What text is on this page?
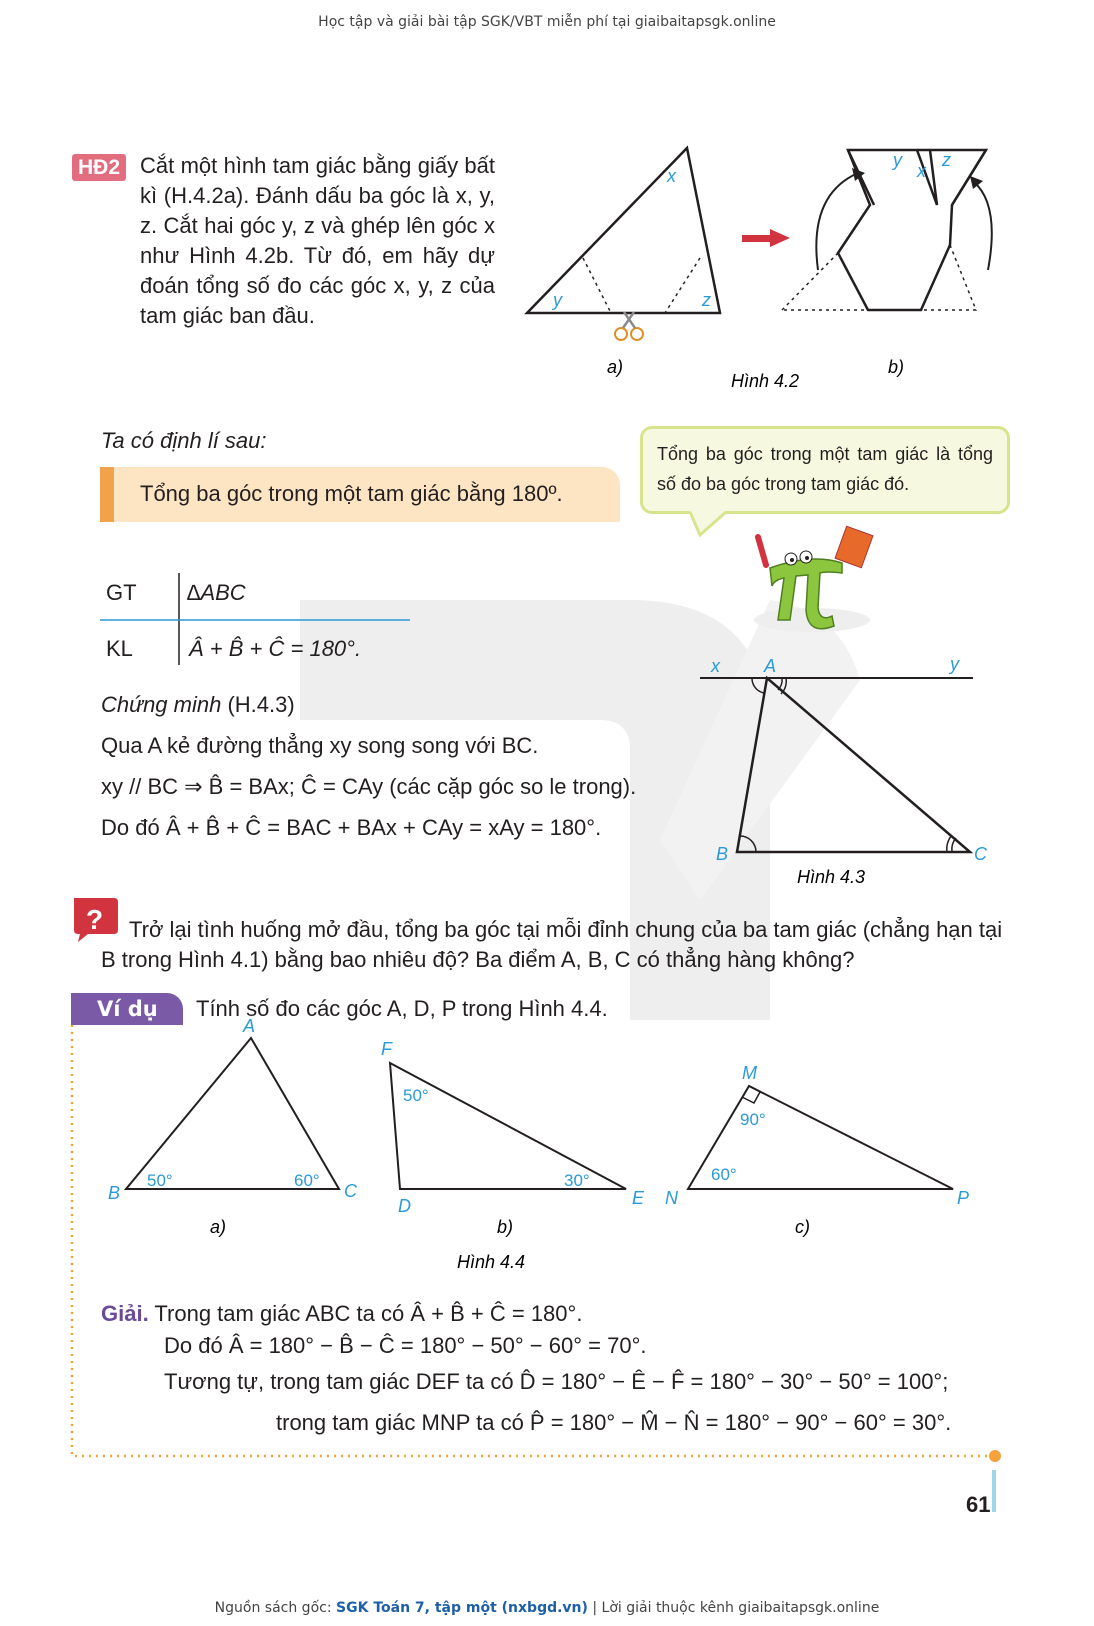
Học tập và giải bài tập SGK/VBT miễn phí tại giaibaitapsgk.online
HĐ2 Cắt một hình tam giác bằng giấy bất kì (H.4.2a). Đánh dấu ba góc là x, y, z. Cắt hai góc y, z và ghép lên góc x như Hình 4.2b. Từ đó, em hãy dự đoán tổng số đo các góc x, y, z của tam giác ban đầu.
x
y	z
a)
y
x
z
b)
Hình 4.2
x A	y
B	C
Hình 4.3
A
B	C
50°	60°
a)
F
D	E
50°
30°
b)
M
N	P
90°
60°
c)
Hình 4.4
?
Ta có định lí sau:
Tổng ba góc trong một tam giác bằng 180º.
Tổng ba góc trong một tam giác là tổng số đo ba góc trong tam giác đó.
GT ∆ABC
KL	Â + B̂ + Ĉ = 180°.
Chứng minh (H.4.3)
Qua A kẻ đường thẳng xy song song với BC.
xy // BC ⇒ B̂ = BAx; Ĉ = CAy (các cặp góc so le trong).
Do đó Â + B̂ + Ĉ = BAC + BAx + CAy = xAy = 180°.
Trở lại tình huống mở đầu, tổng ba góc tại mỗi đỉnh chung của ba tam giác (chẳng hạn tại B trong Hình 4.1) bằng bao nhiêu độ? Ba điểm A, B, C có thẳng hàng không?
Ví dụ	Tính số đo các góc A, D, P trong Hình 4.4.
Giải. Trong tam giác ABC ta có Â + B̂ + Ĉ = 180°.
Do đó Â = 180° − B̂ − Ĉ = 180° − 50° − 60° = 70°.
Tương tự, trong tam giác DEF ta có D̂ = 180° − Ê − F̂ = 180° − 30° − 50° = 100°;
trong tam giác MNP ta có P̂ = 180° − M̂ − N̂ = 180° − 90° − 60° = 30°.
61
Nguồn sách gốc: SGK Toán 7, tập một (nxbgd.vn) | Lời giải thuộc kênh giaibaitapsgk.online
